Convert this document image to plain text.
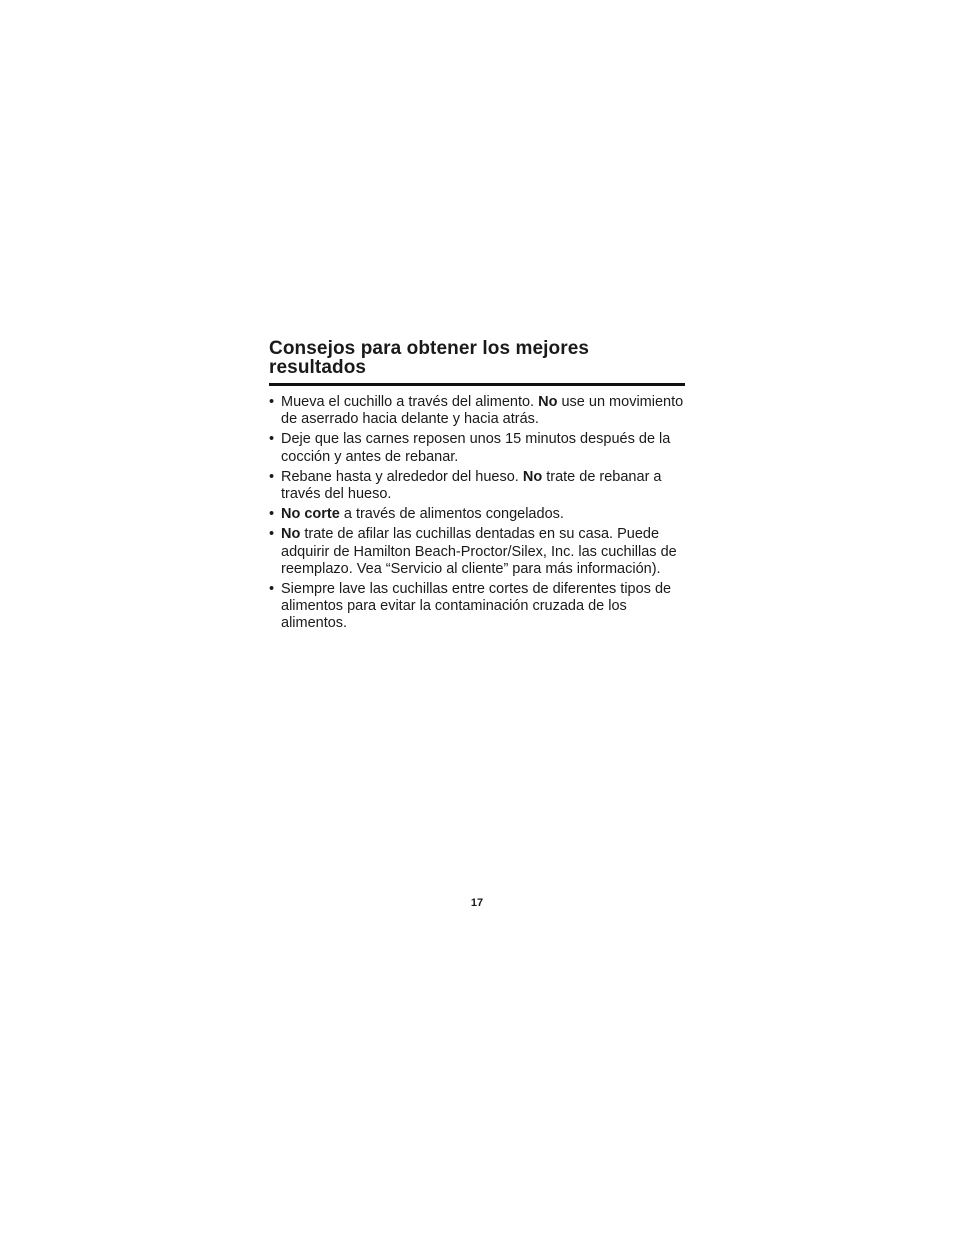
Consejos para obtener los mejores resultados
• Mueva el cuchillo a través del alimento. No use un movimiento de aserrado hacia delante y hacia atrás.
• Deje que las carnes reposen unos 15 minutos después de la cocción y antes de rebanar.
• Rebane hasta y alrededor del hueso. No trate de rebanar a través del hueso.
• No corte a través de alimentos congelados.
• No trate de afilar las cuchillas dentadas en su casa. Puede adquirir de Hamilton Beach-Proctor/Silex, Inc. las cuchillas de reemplazo. Vea “Servicio al cliente” para más información).
• Siempre lave las cuchillas entre cortes de diferentes tipos de alimentos para evitar la contaminación cruzada de los alimentos.
17
